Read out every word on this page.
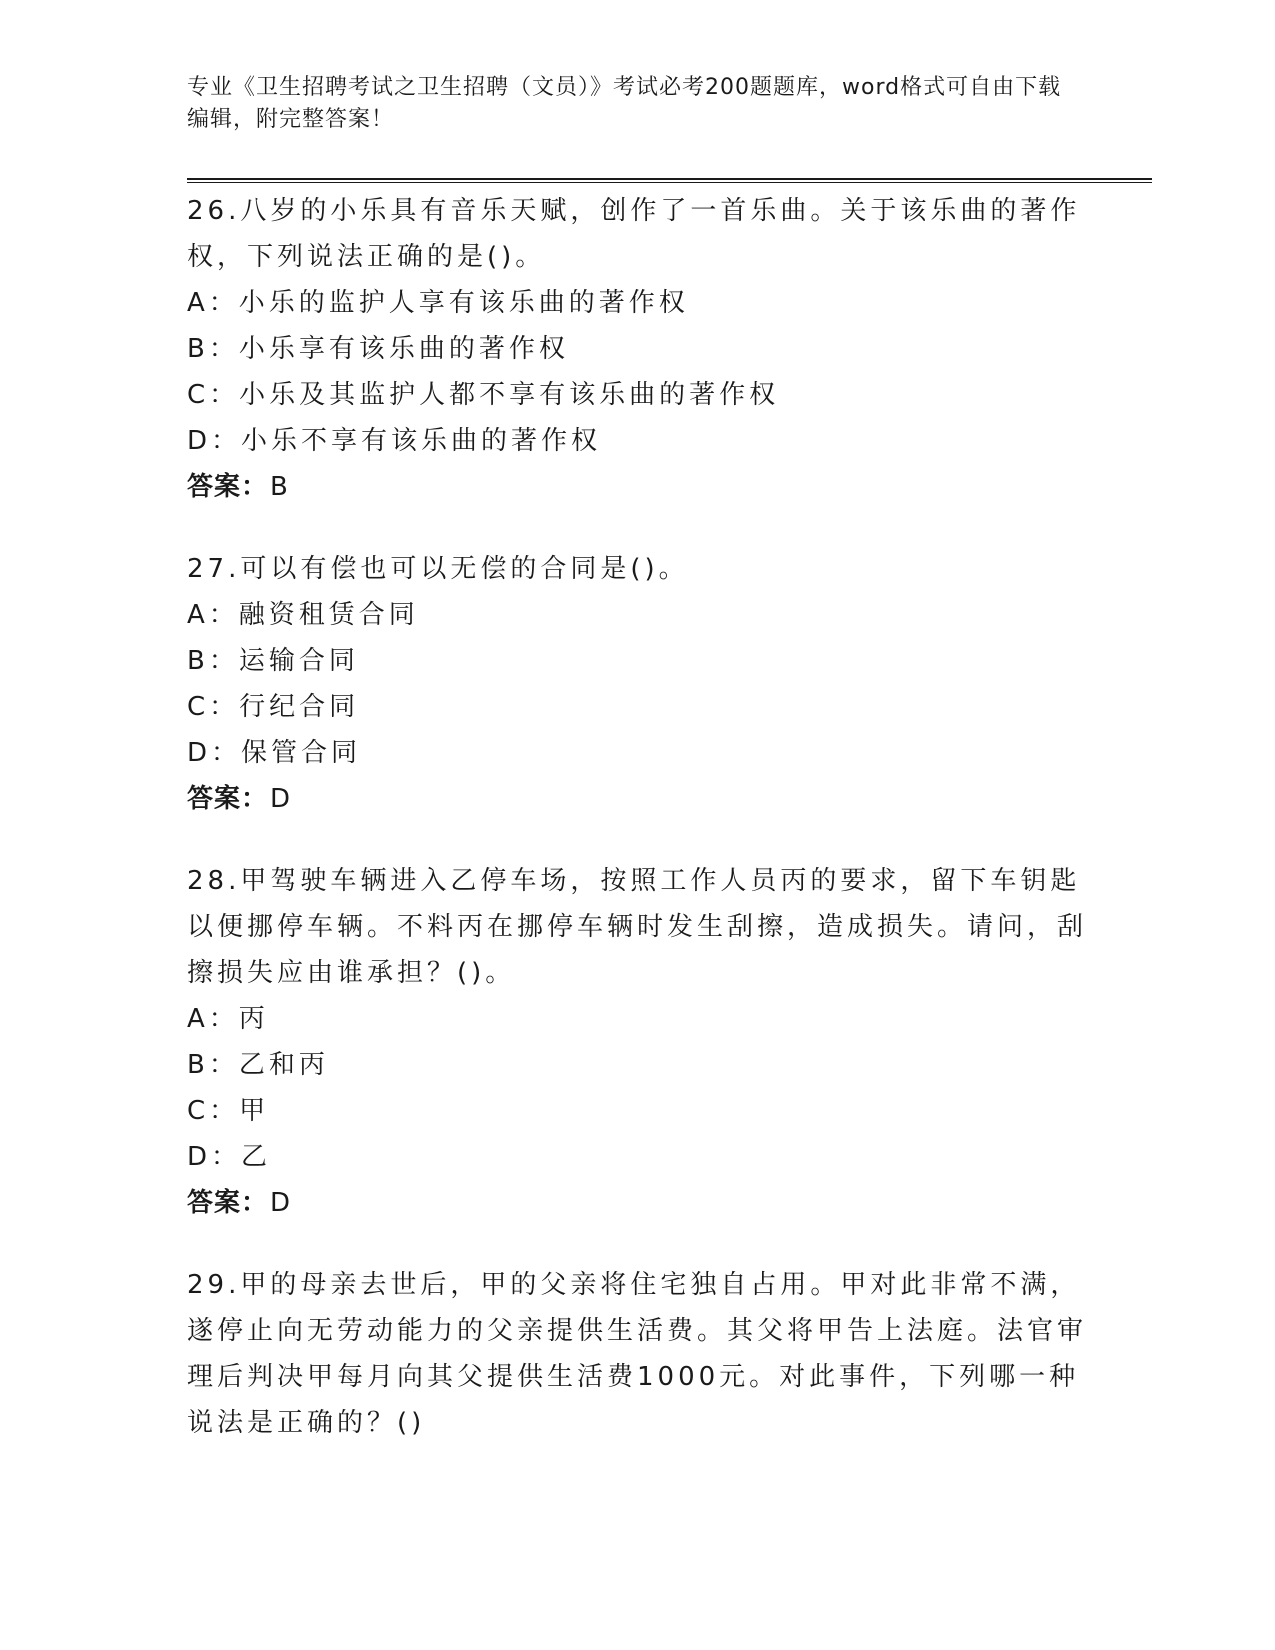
专业《卫生招聘考试之卫生招聘（文员）》考试必考200题题库，word格式可自由下载编辑，附完整答案！

26.八岁的小乐具有音乐天赋，创作了一首乐曲。关于该乐曲的著作权，下列说法正确的是()。

A：小乐的监护人享有该乐曲的著作权

B：小乐享有该乐曲的著作权

C：小乐及其监护人都不享有该乐曲的著作权

D：小乐不享有该乐曲的著作权

答案：B

27.可以有偿也可以无偿的合同是()。

A：融资租赁合同

B：运输合同

C：行纪合同

D：保管合同

答案：D

28.甲驾驶车辆进入乙停车场，按照工作人员丙的要求，留下车钥匙以便挪停车辆。不料丙在挪停车辆时发生刮擦，造成损失。请问，刮擦损失应由谁承担？()。

A：丙

B：乙和丙

C：甲

D：乙

答案：D

29.甲的母亲去世后，甲的父亲将住宅独自占用。甲对此非常不满，遂停止向无劳动能力的父亲提供生活费。其父将甲告上法庭。法官审理后判决甲每月向其父提供生活费1000元。对此事件，下列哪一种说法是正确的？()
